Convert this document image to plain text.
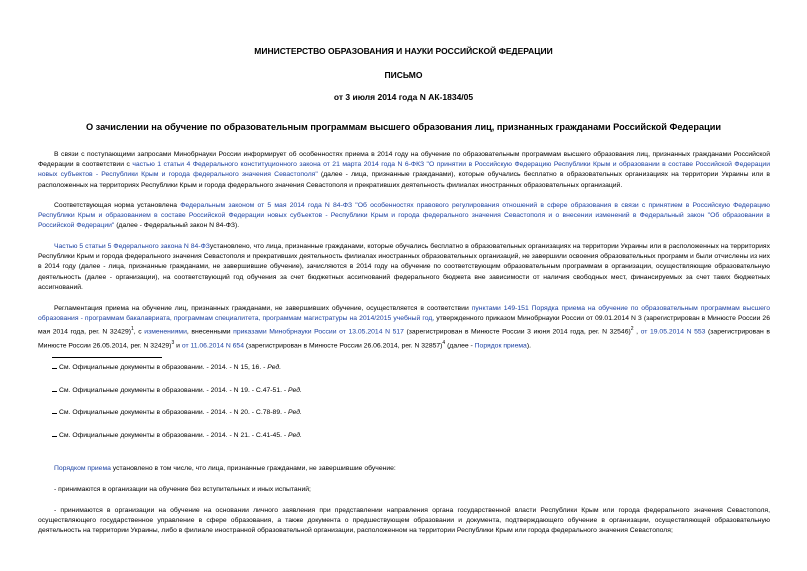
МИНИСТЕРСТВО ОБРАЗОВАНИЯ И НАУКИ РОССИЙСКОЙ ФЕДЕРАЦИИ
ПИСЬМО
от 3 июля 2014 года N АК-1834/05
О зачислении на обучение по образовательным программам высшего образования лиц, признанных гражданами Российской Федерации
В связи с поступающими запросами Минобрнауки России информирует об особенностях приема в 2014 году на обучение по образовательным программам высшего образования лиц, признанных гражданами Российской Федерации в соответствии с частью 1 статьи 4 Федерального конституционного закона от 21 марта 2014 года N 6-ФКЗ "О принятии в Российскую Федерацию Республики Крым и образовании в составе Российской Федерации новых субъектов - Республики Крым и города федерального значения Севастополя" (далее - лица, признанные гражданами), которые обучались бесплатно в образовательных организациях на территории Украины или в расположенных на территориях Республики Крым и города федерального значения Севастополя и прекративших деятельность филиалах иностранных образовательных организаций.
Соответствующая норма установлена Федеральным законом от 5 мая 2014 года N 84-ФЗ "Об особенностях правового регулирования отношений в сфере образования в связи с принятием в Российскую Федерацию Республики Крым и образованием в составе Российской Федерации новых субъектов - Республики Крым и города федерального значения Севастополя и о внесении изменений в Федеральный закон "Об образовании в Российской Федерации" (далее - Федеральный закон N 84-ФЗ).
Частью 5 статьи 5 Федерального закона N 84-ФЗустановлено, что лица, признанные гражданами, которые обучались бесплатно в образовательных организациях на территории Украины или в расположенных на территориях Республики Крым и города федерального значения Севастополя и прекративших деятельность филиалах иностранных образовательных организаций, не завершили освоения образовательных программ и были отчислены из них в 2014 году (далее - лица, признанные гражданами, не завершившие обучение), зачисляются в 2014 году на обучение по соответствующим образовательным программам в организации, осуществляющие образовательную деятельность (далее - организации), на соответствующий год обучения за счет бюджетных ассигнований федерального бюджета вне зависимости от наличия свободных мест, финансируемых за счет таких бюджетных ассигнований.
Регламентация приема на обучение лиц, признанных гражданами, не завершивших обучение, осуществляется в соответствии пунктами 149-151 Порядка приема на обучение по образовательным программам высшего образования - программам бакалавриата, программам специалитета, программам магистратуры на 2014/2015 учебный год, утвержденного приказом Минобрнауки России от 09.01.2014 N 3 (зарегистрирован в Минюсте России 26 мая 2014 года, рег. N 32429)$^1$, с изменениями, внесенными приказами Минобрнауки России от 13.05.2014 N 517 (зарегистрирован в Минюсте России 3 июня 2014 года, рег. N 32546)$^2$ , от 19.05.2014 N 553 (зарегистрирован в Минюсте России 26.05.2014, рег. N 32429)$^3$ и от 11.06.2014 N 654 (зарегистрирован в Минюсте России 26.06.2014, рег. N 32857)$^4$ (далее - Порядок приема).
См. Официальные документы в образовании. - 2014. - N 15, 16. - Ред.
См. Официальные документы в образовании. - 2014. - N 19. - С.47-51. - Ред.
См. Официальные документы в образовании. - 2014. - N 20. - С.78-89. - Ред.
См. Официальные документы в образовании. - 2014. - N 21. - С.41-45. - Ред.
Порядком приема установлено в том числе, что лица, признанные гражданами, не завершившие обучение:
- принимаются в организации на обучение без вступительных и иных испытаний;
- принимаются в организации на обучение на основании личного заявления при представлении направления органа государственной власти Республики Крым или города федерального значения Севастополя, осуществляющего государственное управление в сфере образования, а также документа о предшествующем образовании и документа, подтверждающего обучение в организации, осуществляющей образовательную деятельность на территории Украины, либо в филиале иностранной образовательной организации, расположенном на территории Республики Крым или города федерального значения Севастополя;
